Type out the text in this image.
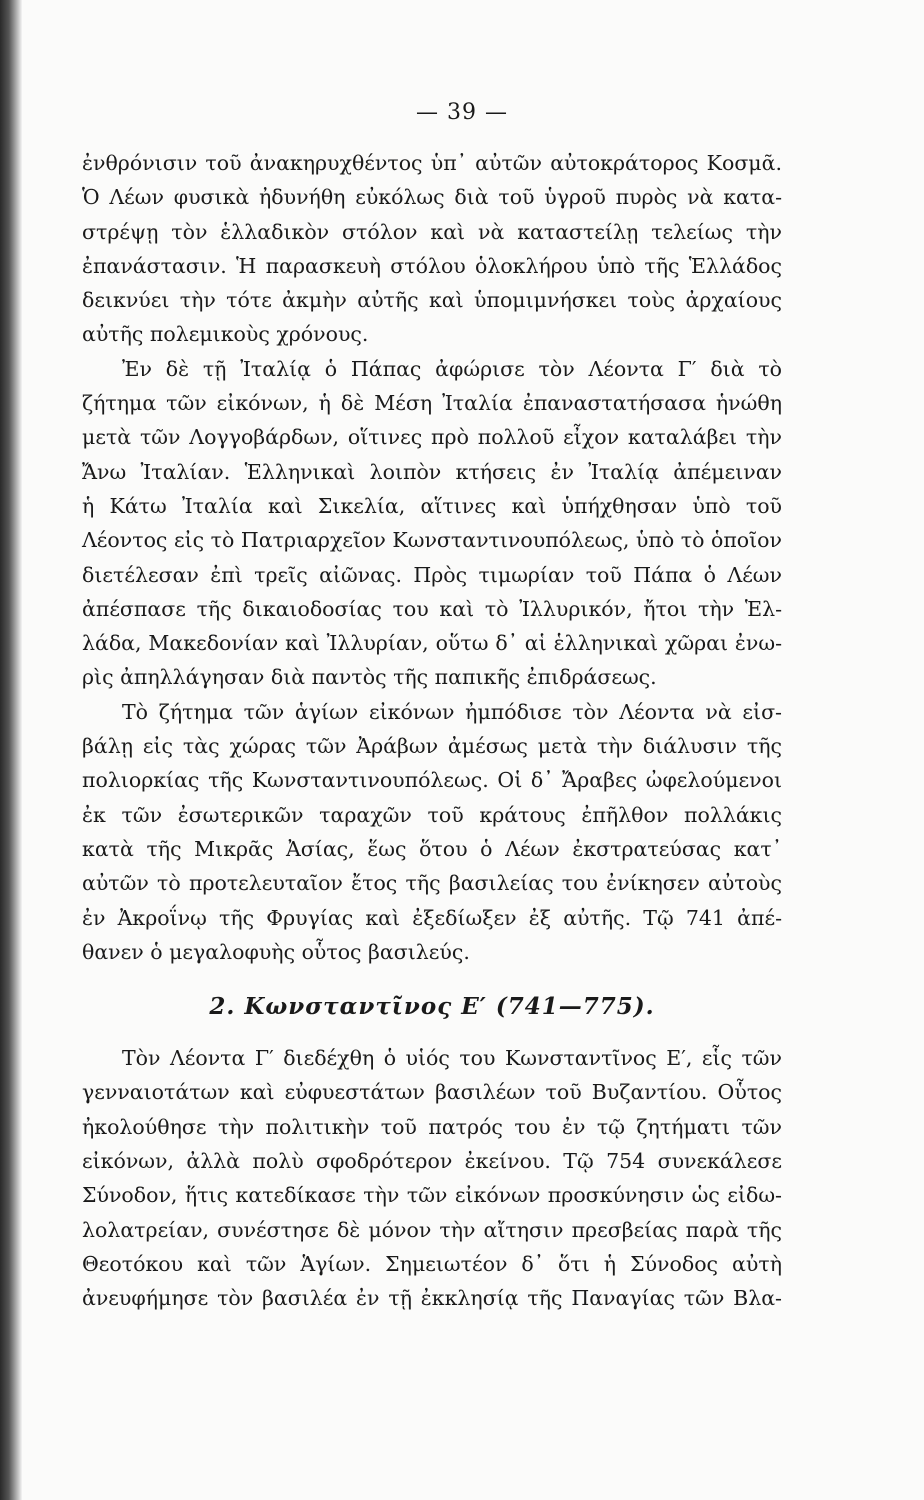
— 39 —
ἐνθρόνισιν τοῦ ἀνακηρυχθέντος ὑπ᾽ αὐτῶν αὐτοκράτορος Κοσμᾶ.
Ὁ Λέων φυσικὰ ἠδυνήθη εὐκόλως διὰ τοῦ ὑγροῦ πυρὸς νὰ κατα-
στρέψῃ τὸν ἑλλαδικὸν στόλον καὶ νὰ καταστείλῃ τελείως τὴν
ἐπανάστασιν. Ἡ παρασκευὴ στόλου ὁλοκλήρου ὑπὸ τῆς Ἑλλάδος
δεικνύει τὴν τότε ἀκμὴν αὐτῆς καὶ ὑπομιμνήσκει τοὺς ἀρχαίους
αὐτῆς πολεμικοὺς χρόνους.
Ἐν δὲ τῇ Ἰταλίᾳ ὁ Πάπας ἀφώρισε τὸν Λέοντα Γ′ διὰ τὸ
ζήτημα τῶν εἰκόνων, ἡ δὲ Μέση Ἰταλία ἐπαναστατήσασα ἡνώθη
μετὰ τῶν Λογγοβάρδων, οἵτινες πρὸ πολλοῦ εἶχον καταλάβει τὴν
Ἄνω Ἰταλίαν. Ἑλληνικαὶ λοιπὸν κτήσεις ἐν Ἰταλίᾳ ἀπέμειναν
ἡ Κάτω Ἰταλία καὶ Σικελία, αἵτινες καὶ ὑπήχθησαν ὑπὸ τοῦ
Λέοντος εἰς τὸ Πατριαρχεῖον Κωνσταντινουπόλεως, ὑπὸ τὸ ὁποῖον
διετέλεσαν ἐπὶ τρεῖς αἰῶνας. Πρὸς τιμωρίαν τοῦ Πάπα ὁ Λέων
ἀπέσπασε τῆς δικαιοδοσίας του καὶ τὸ Ἰλλυρικόν, ἤτοι τὴν Ἑλ-
λάδα, Μακεδονίαν καὶ Ἰλλυρίαν, οὕτω δ᾽ αἱ ἑλληνικαὶ χῶραι ἐνω-
ρὶς ἀπηλλάγησαν διὰ παντὸς τῆς παπικῆς ἐπιδράσεως.
Τὸ ζήτημα τῶν ἁγίων εἰκόνων ἠμπόδισε τὸν Λέοντα νὰ εἰσ-
βάλῃ εἰς τὰς χώρας τῶν Ἀράβων ἀμέσως μετὰ τὴν διάλυσιν τῆς
πολιορκίας τῆς Κωνσταντινουπόλεως. Οἱ δ᾽ Ἄραβες ὠφελούμενοι
ἐκ τῶν ἐσωτερικῶν ταραχῶν τοῦ κράτους ἐπῆλθον πολλάκις
κατὰ τῆς Μικρᾶς Ἀσίας, ἕως ὅτου ὁ Λέων ἐκστρατεύσας κατ᾽
αὐτῶν τὸ προτελευταῖον ἔτος τῆς βασιλείας του ἐνίκησεν αὐτοὺς
ἐν Ἀκροΐνῳ τῆς Φρυγίας καὶ ἐξεδίωξεν ἐξ αὐτῆς. Τῷ 741 ἀπέ-
θανεν ὁ μεγαλοφυὴς οὗτος βασιλεύς.
2. Κωνσταντῖνος Ε′ (741—775).
Τὸν Λέοντα Γ′ διεδέχθη ὁ υἱός του Κωνσταντῖνος Ε′, εἷς τῶν
γενναιοτάτων καὶ εὐφυεστάτων βασιλέων τοῦ Βυζαντίου. Οὗτος
ἠκολούθησε τὴν πολιτικὴν τοῦ πατρός του ἐν τῷ ζητήματι τῶν
εἰκόνων, ἀλλὰ πολὺ σφοδρότερον ἐκείνου. Τῷ 754 συνεκάλεσε
Σύνοδον, ἥτις κατεδίκασε τὴν τῶν εἰκόνων προσκύνησιν ὡς εἰδω-
λολατρείαν, συνέστησε δὲ μόνον τὴν αἴτησιν πρεσβείας παρὰ τῆς
Θεοτόκου καὶ τῶν Ἁγίων. Σημειωτέον δ᾽ ὅτι ἡ Σύνοδος αὐτὴ
ἀνευφήμησε τὸν βασιλέα ἐν τῇ ἐκκλησίᾳ τῆς Παναγίας τῶν Βλα-
